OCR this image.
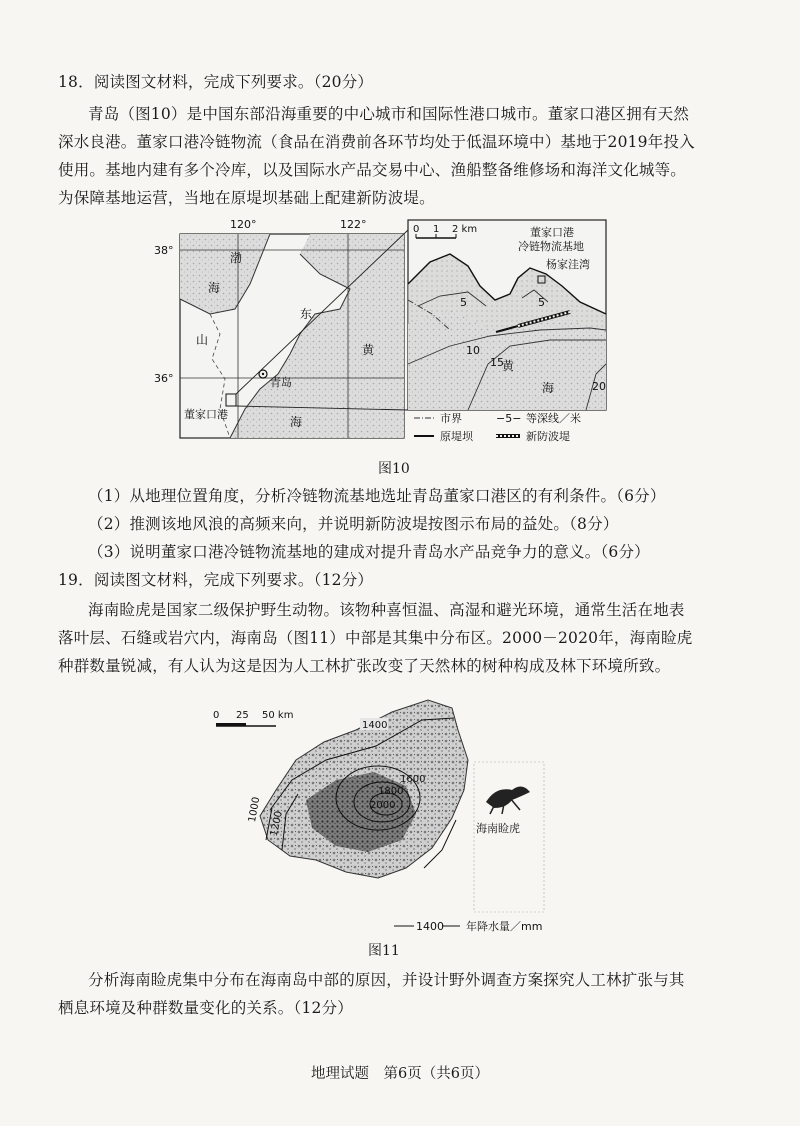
18．阅读图文材料，完成下列要求。（20分）
青岛（图10）是中国东部沿海重要的中心城市和国际性港口城市。董家口港区拥有天然
深水良港。董家口港冷链物流（食品在消费前各环节均处于低温环境中）基地于2019年投入
使用。基地内建有多个冷库，以及国际水产品交易中心、渔船整备维修场和海洋文化城等。
为保障基地运营，当地在原堤坝基础上配建新防波堤。
120°	122°
38°
36°
渤
海
山
东
黄
海
青岛
董家口港
0 1 2 km	董家口港
冷链物流基地
杨家洼湾
5	5
10
15
20
黄
海
市界	−5− 等深线／米
原堤坝	新防波堤
图10
（1）从地理位置角度，分析冷链物流基地选址青岛董家口港区的有利条件。（6分）
（2）推测该地风浪的高频来向，并说明新防波堤按图示布局的益处。（8分）
（3）说明董家口港冷链物流基地的建成对提升青岛水产品竞争力的意义。（6分）
19．阅读图文材料，完成下列要求。（12分）
海南睑虎是国家二级保护野生动物。该物种喜恒温、高湿和避光环境，通常生活在地表
落叶层、石缝或岩穴内，海南岛（图11）中部是其集中分布区。2000－2020年，海南睑虎
种群数量锐减，有人认为这是因为人工林扩张改变了天然林的树种构成及林下环境所致。
0 25 50 km
1400
1600
1800
2000
1000
1200	海南睑虎
1400 年降水量／mm
图11
分析海南睑虎集中分布在海南岛中部的原因，并设计野外调查方案探究人工林扩张与其
栖息环境及种群数量变化的关系。（12分）
地理试题　第6页（共6页）
